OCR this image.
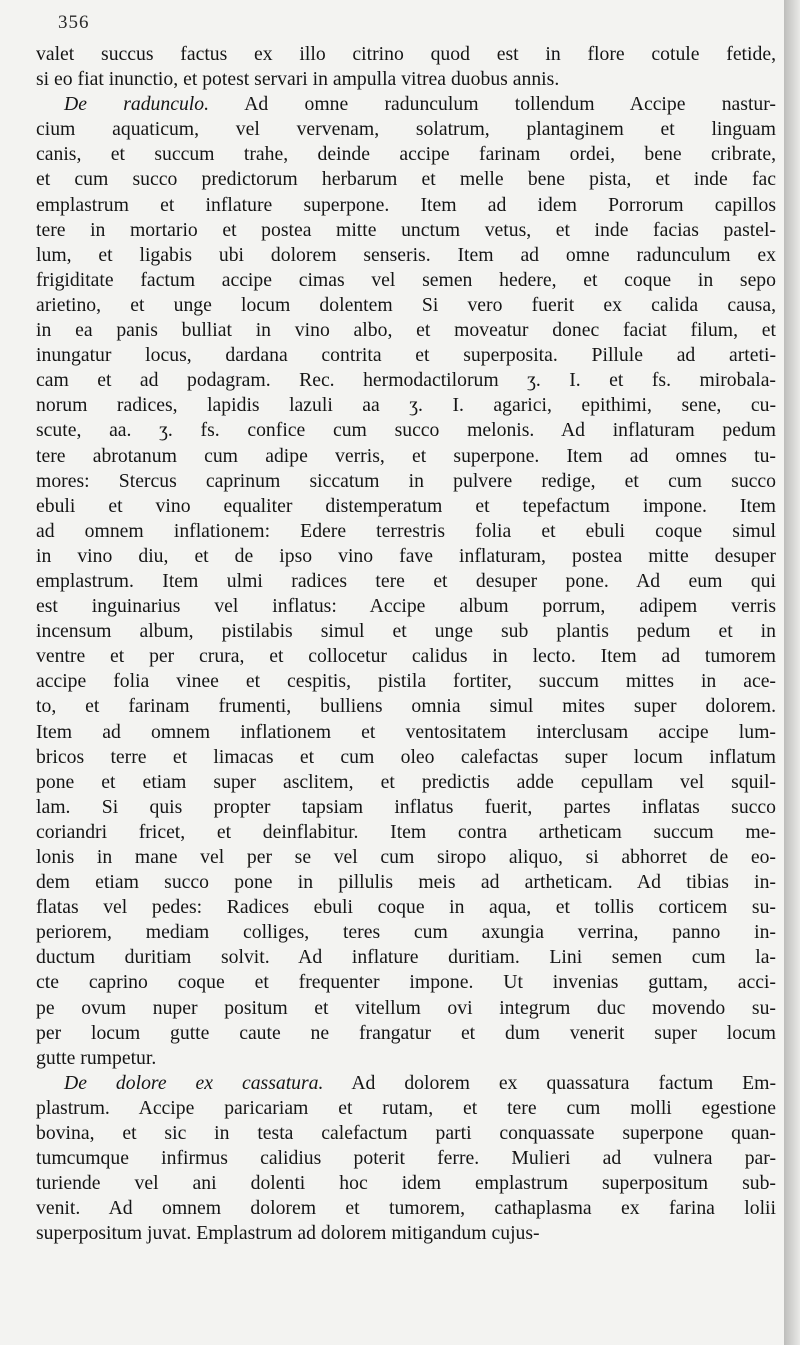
356
valet succus factus ex illo citrino quod est in flore cotule fetide,
si eo fiat inunctio, et potest servari in ampulla vitrea duobus annis.
De radunculo. Ad omne radunculum tollendum Accipe nastur-
cium aquaticum, vel vervenam, solatrum, plantaginem et linguam
canis, et succum trahe, deinde accipe farinam ordei, bene cribrate,
et cum succo predictorum herbarum et melle bene pista, et inde fac
emplastrum et inflature superpone. Item ad idem Porrorum capillos
tere in mortario et postea mitte unctum vetus, et inde facias pastel-
lum, et ligabis ubi dolorem senseris. Item ad omne radunculum ex
frigiditate factum accipe cimas vel semen hedere, et coque in sepo
arietino, et unge locum dolentem Si vero fuerit ex calida causa,
in ea panis bulliat in vino albo, et moveatur donec faciat filum, et
inungatur locus, dardana contrita et superposita. Pillule ad arteti-
cam et ad podagram. Rec. hermodactilorum ʒ. I. et fs. mirobala-
norum radices, lapidis lazuli aa ʒ. I. agarici, epithimi, sene, cu-
scute, aa. ʒ. fs. confice cum succo melonis. Ad inflaturam pedum
tere abrotanum cum adipe verris, et superpone. Item ad omnes tu-
mores: Stercus caprinum siccatum in pulvere redige, et cum succo
ebuli et vino equaliter distemperatum et tepefactum impone. Item
ad omnem inflationem: Edere terrestris folia et ebuli coque simul
in vino diu, et de ipso vino fave inflaturam, postea mitte desuper
emplastrum. Item ulmi radices tere et desuper pone. Ad eum qui
est inguinarius vel inflatus: Accipe album porrum, adipem verris
incensum album, pistilabis simul et unge sub plantis pedum et in
ventre et per crura, et collocetur calidus in lecto. Item ad tumorem
accipe folia vinee et cespitis, pistila fortiter, succum mittes in ace-
to, et farinam frumenti, bulliens omnia simul mites super dolorem.
Item ad omnem inflationem et ventositatem interclusam accipe lum-
bricos terre et limacas et cum oleo calefactas super locum inflatum
pone et etiam super asclitem, et predictis adde cepullam vel squil-
lam. Si quis propter tapsiam inflatus fuerit, partes inflatas succo
coriandri fricet, et deinflabitur. Item contra artheticam succum me-
lonis in mane vel per se vel cum siropo aliquo, si abhorret de eo-
dem etiam succo pone in pillulis meis ad artheticam. Ad tibias in-
flatas vel pedes: Radices ebuli coque in aqua, et tollis corticem su-
periorem, mediam colliges, teres cum axungia verrina, panno in-
ductum duritiam solvit. Ad inflature duritiam. Lini semen cum la-
cte caprino coque et frequenter impone. Ut invenias guttam, acci-
pe ovum nuper positum et vitellum ovi integrum duc movendo su-
per locum gutte caute ne frangatur et dum venerit super locum
gutte rumpetur.
De dolore ex cassatura. Ad dolorem ex quassatura factum Em-
plastrum. Accipe paricariam et rutam, et tere cum molli egestione
bovina, et sic in testa calefactum parti conquassate superpone quan-
tumcumque infirmus calidius poterit ferre. Mulieri ad vulnera par-
turiende vel ani dolenti hoc idem emplastrum superpositum sub-
venit. Ad omnem dolorem et tumorem, cathaplasma ex farina lolii
superpositum juvat. Emplastrum ad dolorem mitigandum cujus-
